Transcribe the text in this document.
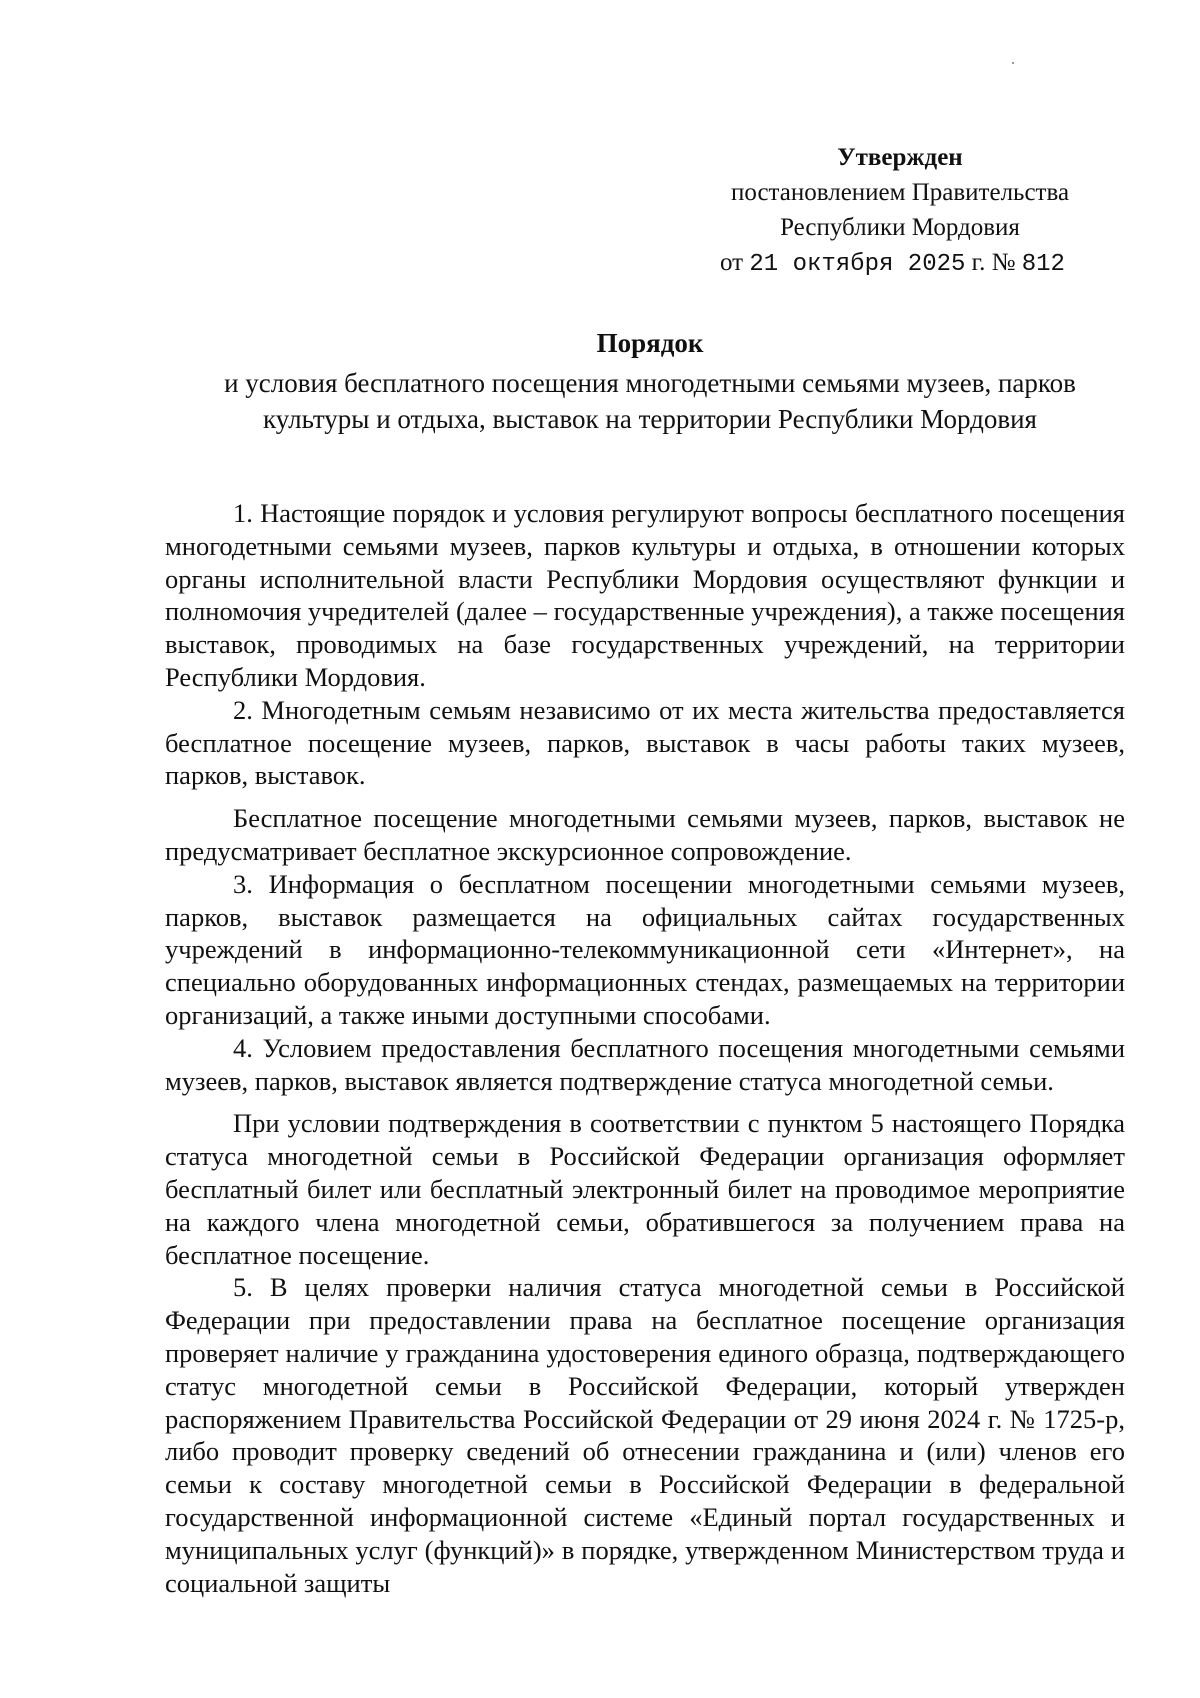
Утвержден
постановлением Правительства
Республики Мордовия
от 21 октября 2025 г. № 812
Порядок
и условия бесплатного посещения многодетными семьями музеев, парков
культуры и отдыха, выставок на территории Республики Мордовия

1. Настоящие порядок и условия регулируют вопросы бесплатного посещения многодетными семьями музеев, парков культуры и отдыха, в отношении которых органы исполнительной власти Республики Мордовия осуществляют функции и полномочия учредителей (далее – государственные учреждения), а также посещения выставок, проводимых на базе государственных учреждений, на территории Республики Мордовия.

2. Многодетным семьям независимо от их места жительства предоставляется бесплатное посещение музеев, парков, выставок в часы работы таких музеев, парков, выставок.

Бесплатное посещение многодетными семьями музеев, парков, выставок не предусматривает бесплатное экскурсионное сопровождение.

3. Информация о бесплатном посещении многодетными семьями музеев, парков, выставок размещается на официальных сайтах государственных учреждений в информационно-телекоммуникационной сети «Интернет», на специально оборудованных информационных стендах, размещаемых на территории организаций, а также иными доступными способами.

4. Условием предоставления бесплатного посещения многодетными семьями музеев, парков, выставок является подтверждение статуса многодетной семьи.

При условии подтверждения в соответствии с пунктом 5 настоящего Порядка статуса многодетной семьи в Российской Федерации организация оформляет бесплатный билет или бесплатный электронный билет на проводимое мероприятие на каждого члена многодетной семьи, обратившегося за получением права на бесплатное посещение.

5. В целях проверки наличия статуса многодетной семьи в Российской Федерации при предоставлении права на бесплатное посещение организация проверяет наличие у гражданина удостоверения единого образца, подтверждающего статус многодетной семьи в Российской Федерации, который утвержден распоряжением Правительства Российской Федерации от 29 июня 2024 г. № 1725-р, либо проводит проверку сведений об отнесении гражданина и (или) членов его семьи к составу многодетной семьи в Российской Федерации в федеральной государственной информационной системе «Единый портал государственных и муниципальных услуг (функций)» в порядке, утвержденном Министерством труда и социальной защиты
